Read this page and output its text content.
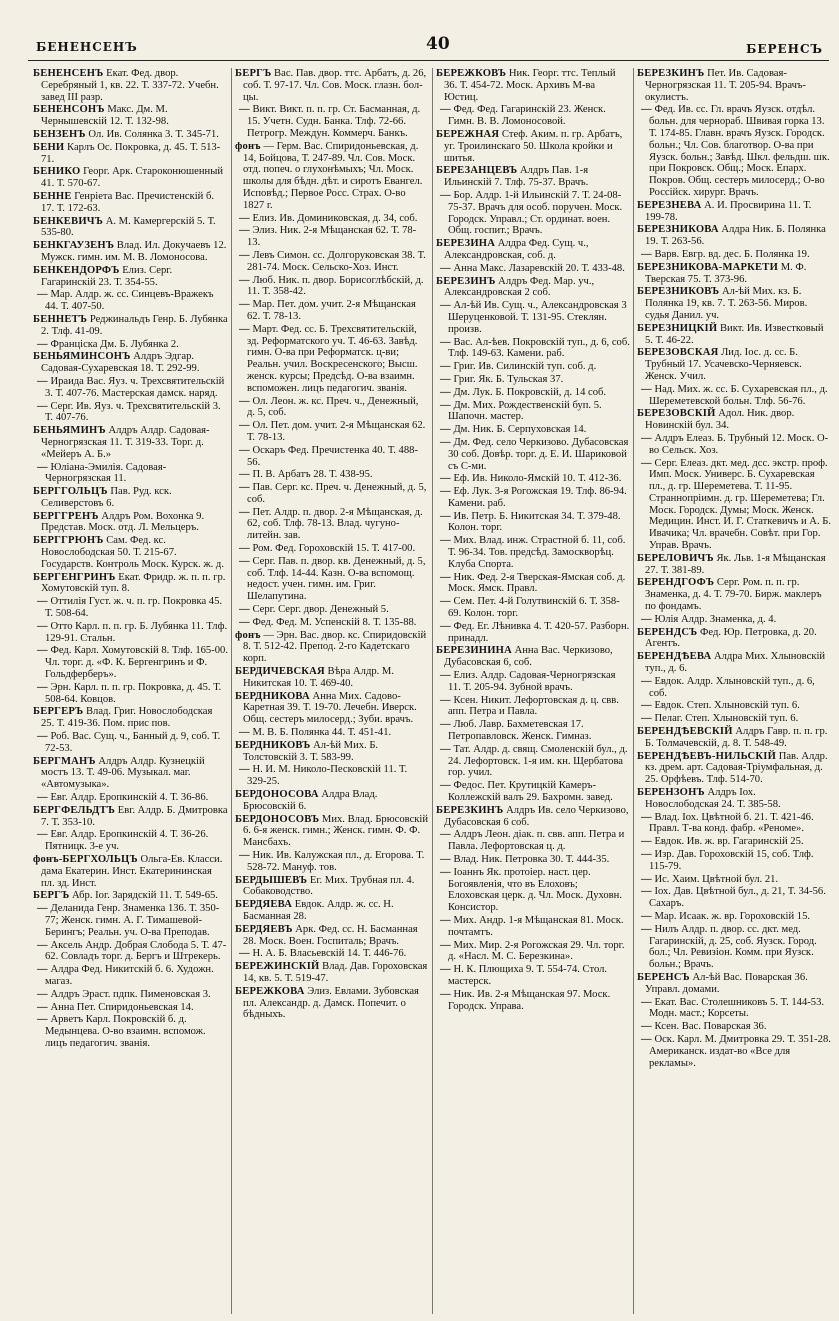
БЕНЕНСЕНЪ	40	БЕРЕНСЪ
БЕНЕНСЕНЪ Екат. Фед. двор. Серебряный 1, кв. 22. Т. 337-72. Учебн. завед III разр.
БЕНЕНСОНЪ Макс. Дм. М. Чернышевскій 12. Т. 132-98.
БЕНЗЕНЪ Ол. Ив. Солянка 3. Т. 345-71.
БЕНИ Карлъ Ос. Покровка, д. 45. Т. 513-71.
БЕНИКО Георг. Арк. Староконюшенный 41. Т. 570-67.
БЕННЕ Генріета Вас. Пречистенскій б. 17. Т. 172-63.
БЕНКЕВИЧЪ А. М. Камергерскій 5. Т. 535-80.
БЕНКГАУЗЕНЪ Влад. Ил. Докучаевъ 12. Мужск. гимн. им. М. В. Ломоносова.
БЕНКЕНДОРФЪ Елиз. Серг. Гагаринскій 23. Т. 354-55.
— Мар. Алдр. ж. сс. Синцевъ-Вражекъ 44. Т. 407-50.
БЕННЕТЪ Реджинальдъ Генр. Б. Лубянка 2. Тлф. 41-09.
— Францiска Дм. Б. Лубянка 2.
БЕНЬЯМИНСОНЪ Алдръ Эдгар. Садовая-Сухаревская 18. Т. 292-99.
— Ираида Вас. Яуз. ч. Трехсвятительскій 3. Т. 407-76. Мастерская дамск. наряд.
— Серг. Ив. Яуз. ч. Трехсвятительскій 3. Т. 407-76.
БЕНЬЯМИНЪ Алдръ Алдр. Садовая-Черногрязская 11. Т. 319-33. Торг. д. «Мейеръ А. Б.»
— Юліана-Эмилія. Садовая-Черногрязская 11.
БЕРГГОЛЬЦЪ Пав. Руд. кск. Селиверстовъ 6.
БЕРГГРЕНЪ Алдръ Ром. Вохонка 9. Представ. Моск. отд. Л. Мельцеръ.
БЕРГГРЮНЪ Сам. Фед. кс. Новослободская 50. Т. 215-67. Государств. Контроль Моск. Курск. ж. д.
БЕРГЕНГРИНЪ Екат. Фридр. ж. п. п. гр. Хомутовскій туп. 8.
— Оттилія Густ. ж. ч. п. гр. Покровка 45. Т. 508-64.
— Отто Карл. п. п. гр. Б. Лубянка 11. Тлф. 129-91. Стальн.
— Фед. Карл. Хомутовскій 8. Тлф. 165-00. Чл. торг. д. «Ф. К. Бергенгринъ и Ф. Гольдферберъ».
— Эрн. Карл. п. п. гр. Покровка, д. 45. Т. 508-64. Ковцов.
БЕРГЕРЪ Влад. Григ. Новослободская 25. Т. 419-36. Пом. прис пов.
— Роб. Вас. Сущ. ч., Банный д. 9, соб. Т. 72-53.
БЕРГМАНЪ Алдръ Алдр. Кузнецкій мостъ 13. Т. 49-06. Музыкал. маг. «Автомузыка».
— Евг. Алдр. Еропкинскій 4. Т. 36-86.
БЕРГФЕЛЬДТЪ Евг. Алдр. Б. Дмитровка 7. Т. 353-10.
— Евг. Алдр. Еропкинскій 4. Т. 36-26. Пятницк. 3-е уч.
фонъ-БЕРГХОЛЬЦЪ Ольга-Ев. Класси. дама Екатерин. Инст. Екатерининская пл. зд. Инст.
БЕРГЪ Абр. Іог. Зарядскій 11. Т. 549-65.
— Деланида Генр. Знаменка 136. Т. 350-77; Женск. гимн. А. Г. Тимашевой-Берингъ; Реальн. уч. О-ва Преподав.
— Аксель Андр. Добрая Слобода 5. Т. 47-62. Совладъ торг. д. Бергъ и Штрекерь.
— Алдра Фед. Никитскій б. 6. Художн. магаз.
— Алдръ Эраст. пдпк. Пименовская 3.
— Анна Пет. Спиридоньевская 14.
— Арветъ Карл. Покровскій б. д. Медынцева. О-во взаимн. вспомож. лицъ педагогич. званія.
БЕРГЪ Вас. Пав. двор. ттс. Арбатъ, д. 26, соб. Т. 97-17. Чл. Сов. Моск. глазн. бол-цы.
— Викт. Викт. п. п. гр. Ст. Басманная, д. 15. Учетн. Судн. Банка. Тлф. 72-66. Петрогр. Междун. Коммерч. Банкъ.
фонъ — Герм. Вас. Спиридоньевская, д. 14, Бойцова, Т. 247-89. Чл. Сов. Моск. отд. попеч. о глухонѣмыхъ; Чл. Моск. школы для бѣдн. дѣт. и сиротъ Евангел. Исповѣд.; Первое Росс. Страх. О-во 1827 г.
— Елиз. Ив. Доминиковская, д. 34, соб.
— Элиз. Ник. 2-я Мѣщанская 62. Т. 78-13.
— Левъ Симон. сс. Долгоруковская 38. Т. 281-74. Моск. Сельско-Хоз. Инст.
— Люб. Ник. п. двор. Борисоглѣбскій, д. 11. Т. 358-42.
— Мар. Пет. дом. учит. 2-я Мѣщанская 62. Т. 78-13.
— Март. Фед. сс. Б. Трехсвятительскій, зд. Реформатского уч. Т. 46-63. Завѣд. гимн. О-ва при Реформатск. ц-ви; Реальн. учил. Воскресенского; Высш. женск. курсы; Предсѣд. О-ва взаимн. вспоможен. лицъ педагогич. званія.
— Ол. Леон. ж. кс. Преч. ч., Денежный, д. 5, соб.
— Ол. Пет. дом. учит. 2-я Мѣщанская 62. Т. 78-13.
— Оскаръ Фед. Пречистенка 40. Т. 488-56.
— П. В. Арбатъ 28. Т. 438-95.
— Пав. Серг. кс. Преч. ч. Денежный, д. 5, соб.
— Пет. Алдр. п. двор. 2-я Мѣщанская, д. 62, соб. Тлф. 78-13. Влад. чугуно-литейн. зав.
— Ром. Фед. Гороховскій 15. Т. 417-00.
— Серг. Пав. п. двор. кв. Денежный, д. 5, соб. Тлф. 14-44. Казн. О-ва вспомощ. недост. учен. гимн. им. Григ. Шелапутина.
— Серг. Серг. двор. Денежный 5.
— Фед. Фед. М. Успенскій 8. Т. 135-88.
фонъ — Эрн. Вас. двор. кс. Спиридовскій 8. Т. 512-42. Препод. 2-го Кадетскаго корп.
БЕРДИЧЕВСКАЯ Вѣра Алдр. М. Никитская 10. Т. 469-40.
БЕРДНИКОВА Анна Мих. Садово-Каретная 39. Т. 19-70. Лечебн. Иверск. Общ. сестеръ милосерд.; Зуби. врачъ.
— М. В. Б. Полянка 44. Т. 451-41.
БЕРДНИКОВЪ Ал-ѣй Мих. Б. Толстовскій 3. Т. 583-99.
— Н. И. М. Николо-Песковскій 11. Т. 329-25.
БЕРДОНОСОВА Алдра Влад. Брюсовскій 6.
БЕРДОНОСОВЪ Мих. Влад. Брюсовскій 6. 6-я женск. гимн.; Женск. гимн. Ф. Ф. Мансбахъ.
— Ник. Ив. Калужская пл., д. Егорова. Т. 528-72. Мануф. тов.
БЕРДЫШЕВЪ Ег. Мих. Трубная пл. 4. Собаководство.
БЕРДЯЕВА Евдок. Алдр. ж. сс. Н. Басманная 28.
БЕРДЯЕВЪ Арк. Фед. сс. Н. Басманная 28. Моск. Воен. Госпиталь; Врачъ.
— Н. А. Б. Власьевскій 14. Т. 446-76.
БЕРЕЖИНСКІЙ Влад. Дав. Гороховская 14, кв. 5. Т. 519-47.
БЕРЕЖКОВА Элиз. Евлами. Зубовская пл. Александр. д. Дамск. Попечит. о бѣдныхъ.
БЕРЕЖКОВЪ Ник. Георг. ттс. Теплый 36. Т. 454-72. Моск. Архивъ М-ва Юстиц.
— Фед. Фед. Гагаринскій 23. Женск. Гимн. В. В. Ломоносовой.
БЕРЕЖНАЯ Стеф. Аким. п. гр. Арбатъ, уг. Троилинскаго 50. Школа кройки и шитья.
БЕРЕЗАНЦЕВЪ Алдръ Пав. 1-я Ильинскій 7. Тлф. 75-37. Врачъ.
— Бор. Алдр. 1-й Ильинскій 7. Т. 24-08-75-37. Врачъ для особ. поручен. Моск. Городск. Управл.; Ст. ординат. воен. Общ. госпит.; Врачъ.
БЕРЕЗИНА Алдра Фед. Сущ. ч., Александровская, соб. д.
— Анна Макс. Лазаревскій 20. Т. 433-48.
БЕРЕЗИНЪ Алдръ Фед. Мар. уч., Александровская 2 соб.
— Ал-ѣй Ив. Сущ. ч., Александровская 3 Шеруценковой. Т. 131-95. Стеклян. произв.
— Вас. Ал-ѣев. Покровскій туп., д. 6, соб. Тлф. 149-63. Камени. раб.
— Григ. Ив. Силинскій туп. соб. д.
— Григ. Як. Б. Тульская 37.
— Дм. Лук. Б. Покровскій, д. 14 соб.
— Дм. Мих. Рождественскій буп. 5. Шапочн. мастер.
— Дм. Ник. Б. Серпуховская 14.
— Дм. Фед. село Черкизово. Дубасовская 30 соб. Довѣр. торг. д. Е. И. Шариковой съ С-ми.
— Еф. Ив. Николо-Ямскій 10. Т. 412-36.
— Еф. Лук. 3-я Рогожская 19. Тлф. 86-94. Камени. раб.
— Ив. Петр. Б. Никитская 34. Т. 379-48. Колон. торг.
— Мих. Влад. инж. Страстной б. 11, соб. Т. 96-34. Тов. предсѣд. Замоскворѣц. Клуба Спорта.
— Ник. Фед. 2-я Тверская-Ямская соб. д. Моск. Ямск. Правл.
— Сем. Пет. 4-й Голутвинскій 6. Т. 358-69. Колон. торг.
— Фед. Ег. Лѣнивка 4. Т. 420-57. Разборн. принадл.
БЕРЕЗИНИНА Анна Вас. Черкизово, Дубасовская 6, соб.
— Елиз. Алдр. Садовая-Черногрязская 11. Т. 205-94. Зубной врачъ.
— Ксен. Никит. Лефортовская д. ц. свв. апп. Петра и Павла.
— Люб. Лавр. Бахметевская 17. Петропавловск. Женск. Гимназ.
— Тат. Алдр. д. свящ. Смоленскій бул., д. 24. Лефортовск. 1-я им. кн. Щербатова гор. учил.
— Федос. Пет. Крутицкій Камеръ-Коллежскій валъ 29. Бахромн. завед.
БЕРЕЗКИНЪ Алдръ Ив. село Черкизово, Дубасовская 6 соб.
— Алдръ Леон. діак. п. свв. апп. Петра и Павла. Лефортовская ц. д.
— Влад. Ник. Петровка 30. Т. 444-35.
— Іоаннъ Як. протоіер. наст. цер. Богоявленія, что въ Елоховъ; Елоховская церк. д. Чл. Моск. Духовн. Консистор.
— Мих. Андр. 1-я Мѣщанская 81. Моск. почтамтъ.
— Мих. Мир. 2-я Рогожская 29. Чл. торг. д. «Насл. М. С. Березкина».
— Н. К. Плющиха 9. Т. 554-74. Стол. мастерск.
— Ник. Ив. 2-я Мѣщанская 97. Моск. Городск. Управа.
БЕРЕЗКИНЪ Пет. Ив. Садовая-Черногрязская 11. Т. 205-94. Врачъ-окулистъ.
— Фед. Ив. сс. Гл. врачъ Яузск. отдѣл. больн. для чернораб. Швивая горка 13. Т. 174-85. Главн. врачъ Яузск. Городск. больн.; Чл. Сов. благотвор. О-ва при Яузск. больн.; Завѣд. Шкл. фельдш. шк. при Покровск. Общ.; Моск. Епарх. Покров. Общ. сестеръ милосерд.; О-во Россійск. хирург. Врачъ.
БЕРЕЗНЕВА А. И. Просвирина 11. Т. 199-78.
БЕРЕЗНИКОВА Алдра Ник. Б. Полянка 19. Т. 263-56.
— Варв. Евгр. вд. дес. Б. Полянка 19.
БЕРЕЗНИКОВА-МАРКЕТИ М. Ф. Тверская 75. Т. 373-96.
БЕРЕЗНИКОВЪ Ал-ѣй Мих. кз. Б. Полянка 19, кв. 7. Т. 263-56. Миров. судья Данил. уч.
БЕРЕЗНИЦКІЙ Викт. Ив. Известковый 5. Т. 46-22.
БЕРЕЗОВСКАЯ Лид. Іос. д. сс. Б. Трубный 17. Усачевско-Черняевск. Женск. Учил.
— Над. Мих. ж. сс. Б. Сухаревская пл., д. Шереметевской больн. Тлф. 56-76.
БЕРЕЗОВСКІЙ Адол. Ник. двор. Новинскій бул. 34.
— Алдръ Елеаз. Б. Трубный 12. Моск. О-во Сельск. Хоз.
— Серг. Елеаз. дкт. мед. дсс. экстр. проф. Имп. Моск. Универс. Б. Сухаревская пл., д. гр. Шереметева. Т. 11-95. Страннопріимн. д. гр. Шереметева; Гл. Моск. Городск. Думы; Моск. Женск. Медицин. Инст. И. Г. Статкевичъ и А. Б. Ивачика; Чл. врачебн. Совѣт. при Гор. Управ. Врачъ.
БЕРЕЛОВИЧЪ Як. Льв. 1-я Мѣщанская 27. Т. 381-89.
БЕРЕНДГОФЪ Серг. Ром. п. п. гр. Знаменка, д. 4. Т. 79-70. Бирж. маклеръ по фондамъ.
— Юлія Алдр. Знаменка, д. 4.
БЕРЕНДСЪ Фед. Юр. Петровка, д. 20. Агентъ.
БЕРЕНДѢЕВА Алдра Мих. Хлыновскій туп., д. 6.
— Евдок. Алдр. Хлыновскій туп., д. 6, соб.
— Евдок. Степ. Хлыновскій туп. 6.
— Пелаг. Степ. Хлыновскій туп. 6.
БЕРЕНДѢЕВСКІЙ Алдръ Гавр. п. п. гр. Б. Толмачевскій, д. 8. Т. 548-49.
БЕРЕНДѢЕВЪ-НИЛЬСКІЙ Пав. Алдр. кз. дрем. арт. Садовая-Тріумфальная, д. 25. Орфѣевъ. Тлф. 514-70.
БЕРЕНЗОНЪ Алдръ Іох. Новослободская 24. Т. 385-58.
— Влад. Іох. Цвѣтной б. 21. Т. 421-46. Правл. Т-ва конд. фабр. «Реноме».
— Евдок. Ив. ж. вр. Гагаринскій 25.
— Изр. Дав. Гороховскій 15, соб. Тлф. 115-79.
— Ис. Хаим. Цвѣтной бул. 21.
— Іох. Дав. Цвѣтной бул., д. 21, Т. 34-56. Сахаръ.
— Мар. Исаак. ж. вр. Гороховскій 15.
— Нилъ Алдр. п. двор. сс. дкт. мед. Гагаринскій, д. 25, соб. Яузск. Город. бол.; Чл. Ревизіон. Комм. при Яузск. больн.; Врачъ.
БЕРЕНСЪ Ал-ѣй Вас. Поварская 36. Управл. домами.
— Екат. Вас. Столешниковъ 5. Т. 144-53. Модн. маст.; Корсеты.
— Ксен. Вас. Поварская 36.
— Оск. Карл. М. Дмитровка 29. Т. 351-28. Американск. издат-во «Все для рекламы».
